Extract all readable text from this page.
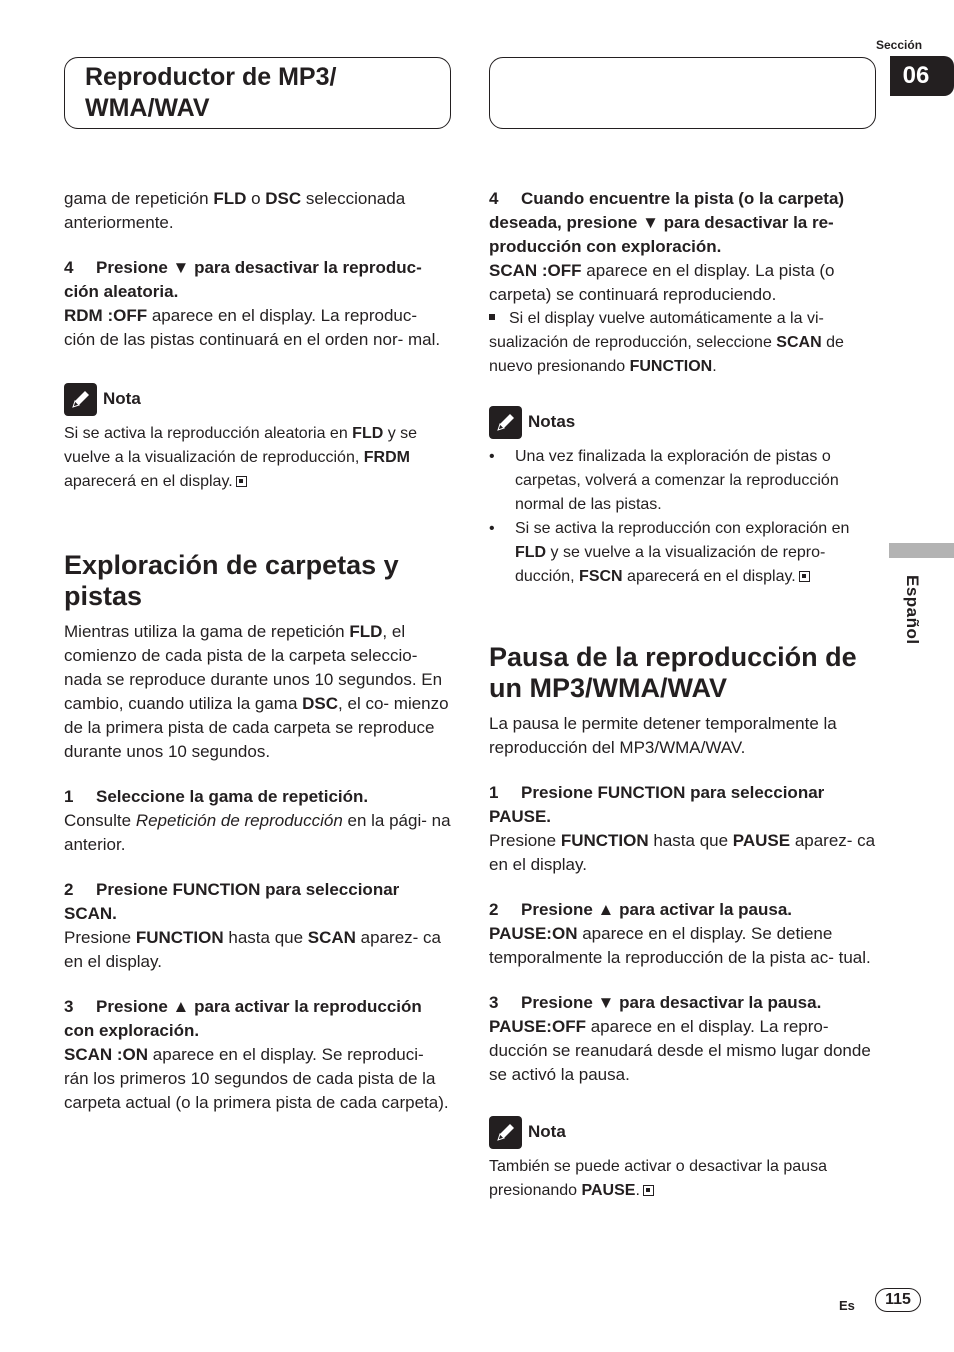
Reproductor de MP3/ WMA/WAV
Sección
06
Español

gama de repetición FLD o DSC seleccionada anteriormente.

4 Presione ▼ para desactivar la reproduc-
ción aleatoria.

RDM :OFF aparece en el display. La reproduc- ción de las pistas continuará en el orden nor- mal.

Nota

Si se activa la reproducción aleatoria en FLD y se vuelve a la visualización de reproducción, FRDM aparecerá en el display.

Exploración de carpetas y pistas

Mientras utiliza la gama de repetición FLD, el comienzo de cada pista de la carpeta seleccio- nada se reproduce durante unos 10 segundos. En cambio, cuando utiliza la gama DSC, el co- mienzo de la primera pista de cada carpeta se reproduce durante unos 10 segundos.

1 Seleccione la gama de repetición.

Consulte Repetición de reproducción en la pági- na anterior.

2 Presione FUNCTION para seleccionar
SCAN.

Presione FUNCTION hasta que SCAN aparez- ca en el display.

3 Presione ▲ para activar la reproducción
con exploración.

SCAN :ON aparece en el display. Se reproduci- rán los primeros 10 segundos de cada pista de la carpeta actual (o la primera pista de cada carpeta).

4 Cuando encuentre la pista (o la carpeta)
deseada, presione ▼ para desactivar la re-
producción con exploración.

SCAN :OFF aparece en el display. La pista (o carpeta) se continuará reproduciendo.

Si el display vuelve automáticamente a la vi- sualización de reproducción, seleccione SCAN de nuevo presionando FUNCTION.

Notas

• Una vez finalizada la exploración de pistas o carpetas, volverá a comenzar la reproducción normal de las pistas.

• Si se activa la reproducción con exploración en FLD y se vuelve a la visualización de repro- ducción, FSCN aparecerá en el display.

Pausa de la reproducción de un MP3/WMA/WAV

La pausa le permite detener temporalmente la reproducción del MP3/WMA/WAV.

1 Presione FUNCTION para seleccionar
PAUSE.

Presione FUNCTION hasta que PAUSE aparez- ca en el display.

2 Presione ▲ para activar la pausa.

PAUSE:ON aparece en el display. Se detiene temporalmente la reproducción de la pista ac- tual.

3 Presione ▼ para desactivar la pausa.

PAUSE:OFF aparece en el display. La repro- ducción se reanudará desde el mismo lugar donde se activó la pausa.

Nota

También se puede activar o desactivar la pausa presionando PAUSE.

Es	115
